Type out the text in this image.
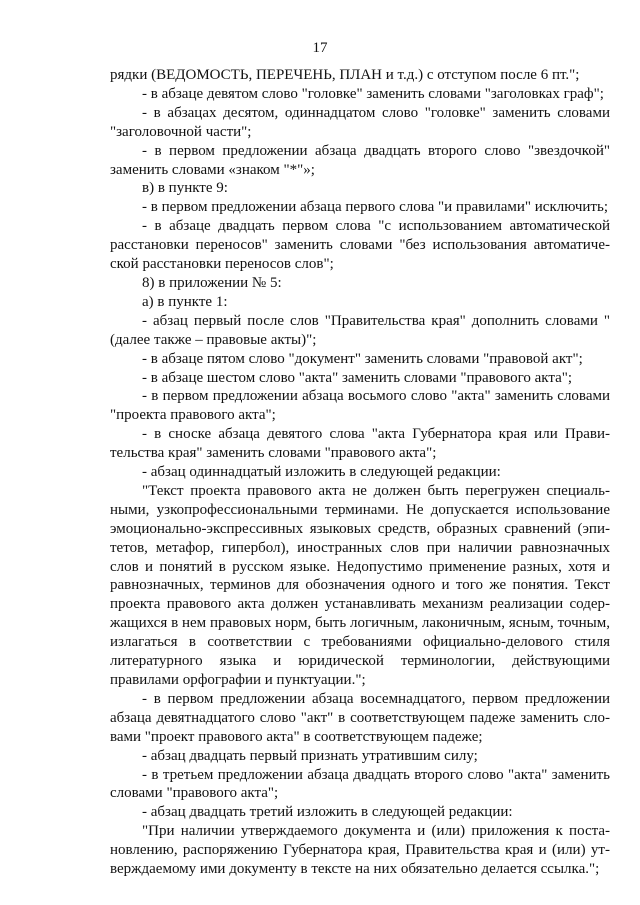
17

рядки (ВЕДОМОСТЬ, ПЕРЕЧЕНЬ, ПЛАН и т.д.) с отступом после 6 пт.";

- в абзаце девятом слово "головке" заменить словами "заголовках граф";

- в абзацах десятом, одиннадцатом слово "головке" заменить словами "заголовочной части";

- в первом предложении абзаца двадцать второго слово "звездочкой" заменить словами «знаком "*"»;

в) в пункте 9:

- в первом предложении абзаца первого слова "и правилами" исключить;

- в абзаце двадцать первом слова "с использованием автоматической расстановки переносов" заменить словами "без использования автоматической расстановки переносов слов";

8) в приложении № 5:

а) в пункте 1:

- абзац первый после слов "Правительства края" дополнить словами "(далее также – правовые акты)";

- в абзаце пятом слово "документ" заменить словами "правовой акт";

- в абзаце шестом слово "акта" заменить словами "правового акта";

- в первом предложении абзаца восьмого слово "акта" заменить словами "проекта правового акта";

- в сноске абзаца девятого слова "акта Губернатора края или Правительства края" заменить словами "правового акта";

- абзац одиннадцатый изложить в следующей редакции:

"Текст проекта правового акта не должен быть перегружен специальными, узкопрофессиональными терминами. Не допускается использование эмоционально-экспрессивных языковых средств, образных сравнений (эпитетов, метафор, гипербол), иностранных слов при наличии равнозначных слов и понятий в русском языке. Недопустимо применение разных, хотя и равнозначных, терминов для обозначения одного и того же понятия. Текст проекта правового акта должен устанавливать механизм реализации содержащихся в нем правовых норм, быть логичным, лаконичным, ясным, точным, излагаться в соответствии с требованиями официально-делового стиля литературного языка и юридической терминологии, действующими правилами орфографии и пунктуации.";

- в первом предложении абзаца восемнадцатого, первом предложении абзаца девятнадцатого слово "акт" в соответствующем падеже заменить словами "проект правового акта" в соответствующем падеже;

- абзац двадцать первый признать утратившим силу;

- в третьем предложении абзаца двадцать второго слово "акта" заменить словами "правового акта";

- абзац двадцать третий изложить в следующей редакции:

"При наличии утверждаемого документа и (или) приложения к постановлению, распоряжению Губернатора края, Правительства края и (или) утверждаемому ими документу в тексте на них обязательно делается ссылка.";
